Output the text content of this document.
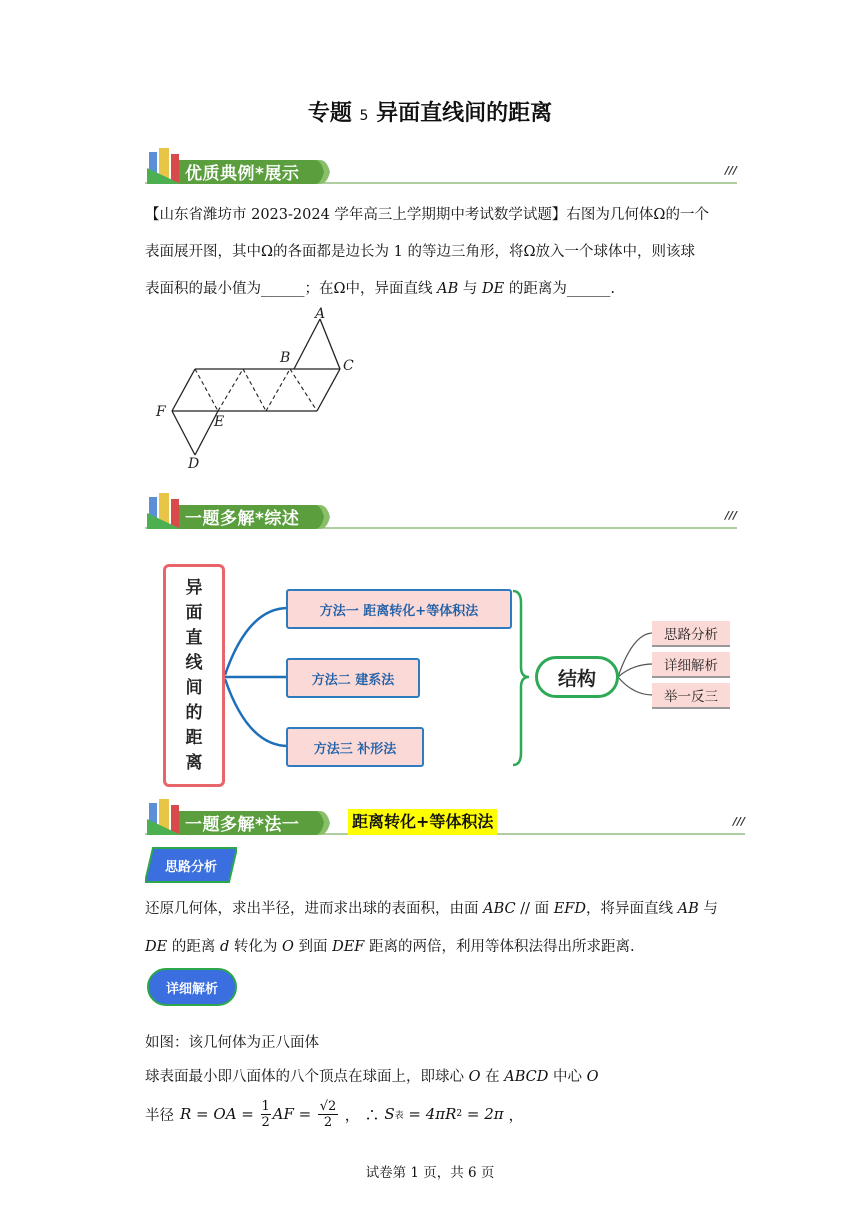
专题 5 异面直线间的距离
优质典例*展示	///
【山东省潍坊市 2023-2024 学年高三上学期期中考试数学试题】右图为几何体Ω的一个
表面展开图，其中Ω的各面都是边长为 1 的等边三角形，将Ω放入一个球体中，则该球
表面积的最小值为______；在Ω中，异面直线 AB 与 DE 的距离为______.
A
B	C
F
E
D
一题多解*综述	///
异
面
直
线
间
的
距
离
方法一 距离转化+等体积法
方法二 建系法
方法三 补形法
结构
思路分析
详细解析
举一反三
一题多解*法一	距离转化+等体积法	///
思路分析
还原几何体，求出半径，进而求出球的表面积，由面 ABC // 面 EFD，将异面直线 AB 与
DE 的距离 d 转化为 O 到面 DEF 距离的两倍，利用等体积法得出所求距离.
详细解析
如图：该几何体为正八面体
球表面最小即八面体的八个顶点在球面上，即球心 O 在 ABCD 中心 O
半径 R = OA = 1
2 AF = √2
2 ， ∴ S 表 = 4πR 2 = 2π ，
试卷第 1 页，共 6 页
